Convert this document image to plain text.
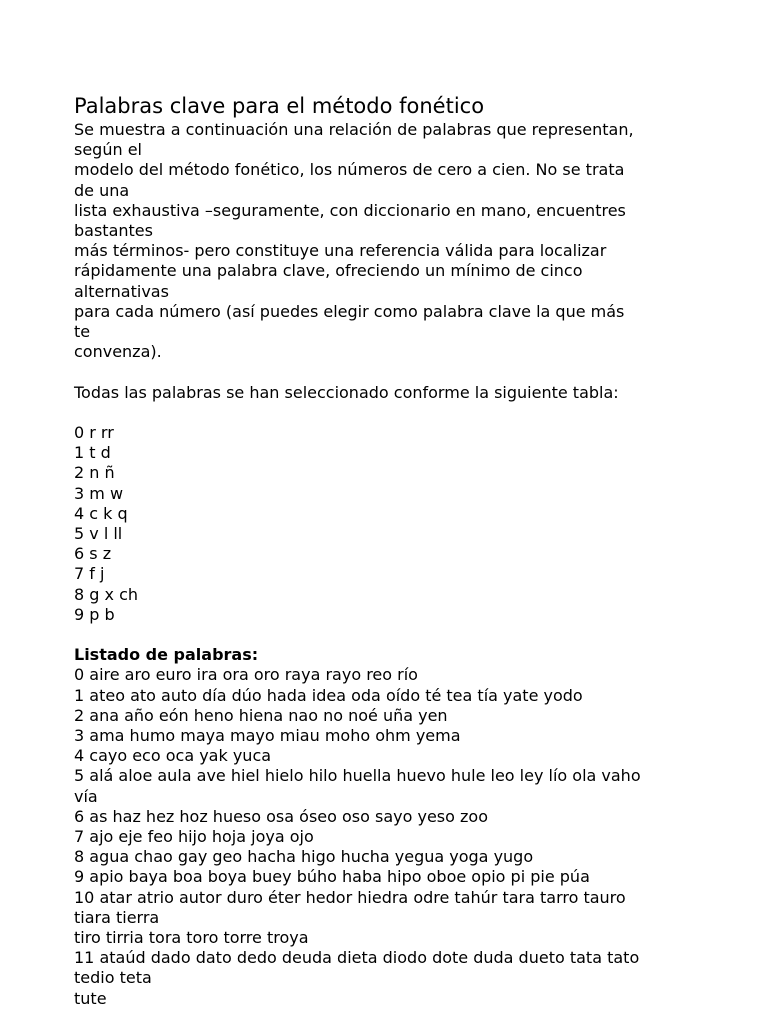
Palabras clave para el método fonético

Se muestra a continuación una relación de palabras que representan,

según el

modelo del método fonético, los números de cero a cien. No se trata

de una

lista exhaustiva –seguramente, con diccionario en mano, encuentres

bastantes

más términos- pero constituye una referencia válida para localizar

rápidamente una palabra clave, ofreciendo un mínimo de cinco

alternativas

para cada número (así puedes elegir como palabra clave la que más

te

convenza).

Todas las palabras se han seleccionado conforme la siguiente tabla:

0 r rr

1 t d

2 n ñ

3 m w

4 c k q

5 v l ll

6 s z

7 f j

8 g x ch

9 p b

Listado de palabras:

0 aire aro euro ira ora oro raya rayo reo río

1 ateo ato auto día dúo hada idea oda oído té tea tía yate yodo

2 ana año eón heno hiena nao no noé uña yen

3 ama humo maya mayo miau moho ohm yema

4 cayo eco oca yak yuca

5 alá aloe aula ave hiel hielo hilo huella huevo hule leo ley lío ola vaho

vía

6 as haz hez hoz hueso osa óseo oso sayo yeso zoo

7 ajo eje feo hijo hoja joya ojo

8 agua chao gay geo hacha higo hucha yegua yoga yugo

9 apio baya boa boya buey búho haba hipo oboe opio pi pie púa

10 atar atrio autor duro éter hedor hiedra odre tahúr tara tarro tauro

tiara tierra

tiro tirria tora toro torre troya

11 ataúd dado dato dedo deuda dieta diodo dote duda dueto tata tato

tedio teta

tute
